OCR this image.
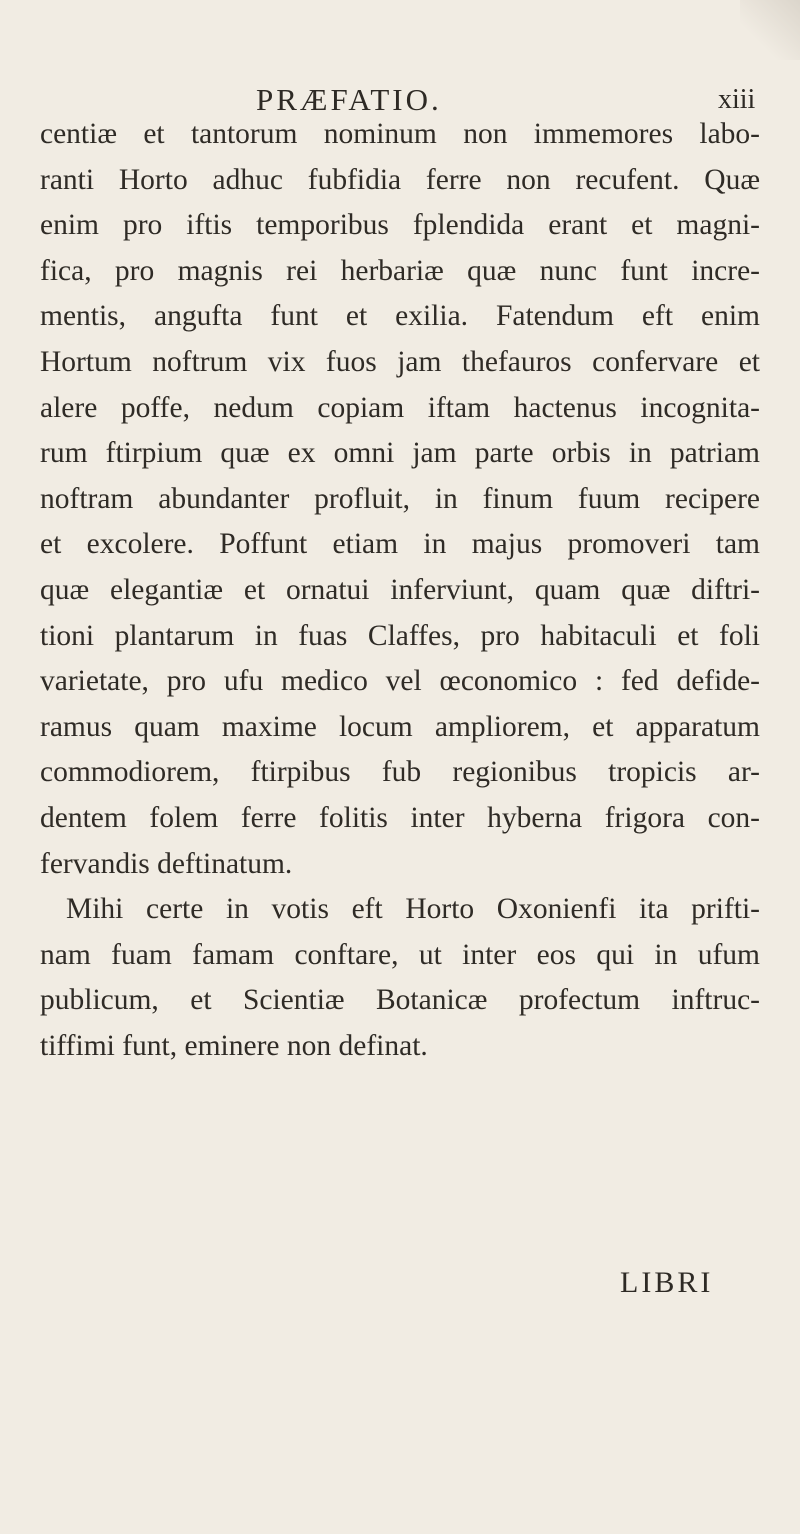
PRÆFATIO.	xiii
centiæ et tantorum nominum non immemores labo-
ranti Horto adhuc fubfidia ferre non recufent. Quæ
enim pro iftis temporibus fplendida erant et magni-
fica, pro magnis rei herbariæ quæ nunc funt incre-
mentis, angufta funt et exilia. Fatendum eft enim
Hortum noftrum vix fuos jam thefauros confervare et
alere poffe, nedum copiam iftam hactenus incognita-
rum ftirpium quæ ex omni jam parte orbis in patriam
noftram abundanter profluit, in finum fuum recipere
et excolere. Poffunt etiam in majus promoveri tam
quæ elegantiæ et ornatui inferviunt, quam quæ diftri-
tioni plantarum in fuas Claffes, pro habitaculi et foli
varietate, pro ufu medico vel œconomico : fed defide-
ramus quam maxime locum ampliorem, et apparatum
commodiorem, ftirpibus fub regionibus tropicis ar-
dentem folem ferre folitis inter hyberna frigora con-
fervandis deftinatum.
Mihi certe in votis eft Horto Oxonienfi ita prifti-
nam fuam famam conftare, ut inter eos qui in ufum
publicum, et Scientiæ Botanicæ profectum inftruc-
tiffimi funt, eminere non definat.
LIBRI
